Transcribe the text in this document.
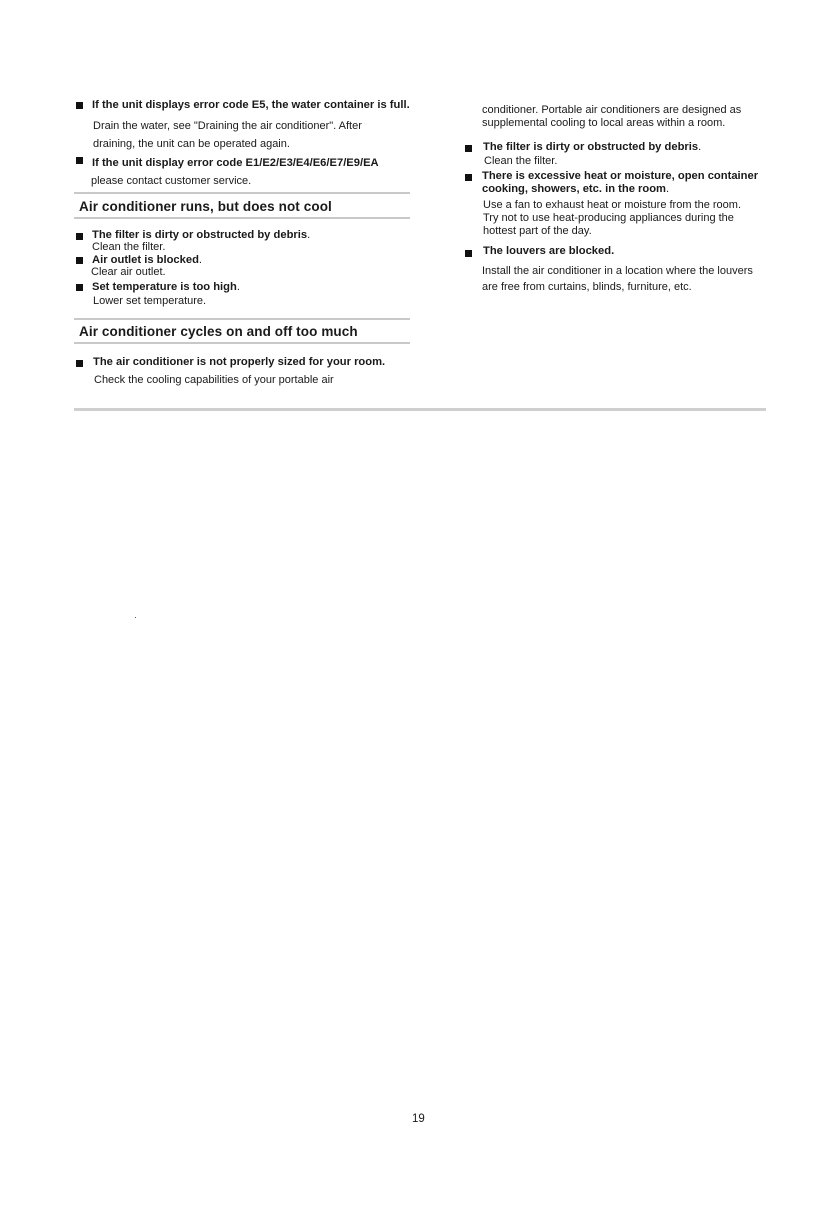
If the unit displays error code E5, the water container is full.
Drain the water, see "Draining the air conditioner". After
draining, the unit can be operated again.
If the unit display error code E1/E2/E3/E4/E6/E7/E9/EA
please contact customer service.
Air conditioner runs, but does not cool
The filter is dirty or obstructed by debris.
Clean the filter.
Air outlet is blocked.
Clear air outlet.
Set temperature is too high.
Lower set temperature.
Air conditioner cycles on and off too much
The air conditioner is not properly sized for your room.
Check the cooling capabilities of your portable air
conditioner. Portable air conditioners are designed as
supplemental cooling to local areas within a room.
The filter is dirty or obstructed by debris.
Clean the filter.
There is excessive heat or moisture, open container
cooking, showers, etc. in the room.
Use a fan to exhaust heat or moisture from the room.
Try not to use heat-producing appliances during the
hottest part of the day.
The louvers are blocked.
Install the air conditioner in a location where the louvers
are free from curtains, blinds, furniture, etc.
19
